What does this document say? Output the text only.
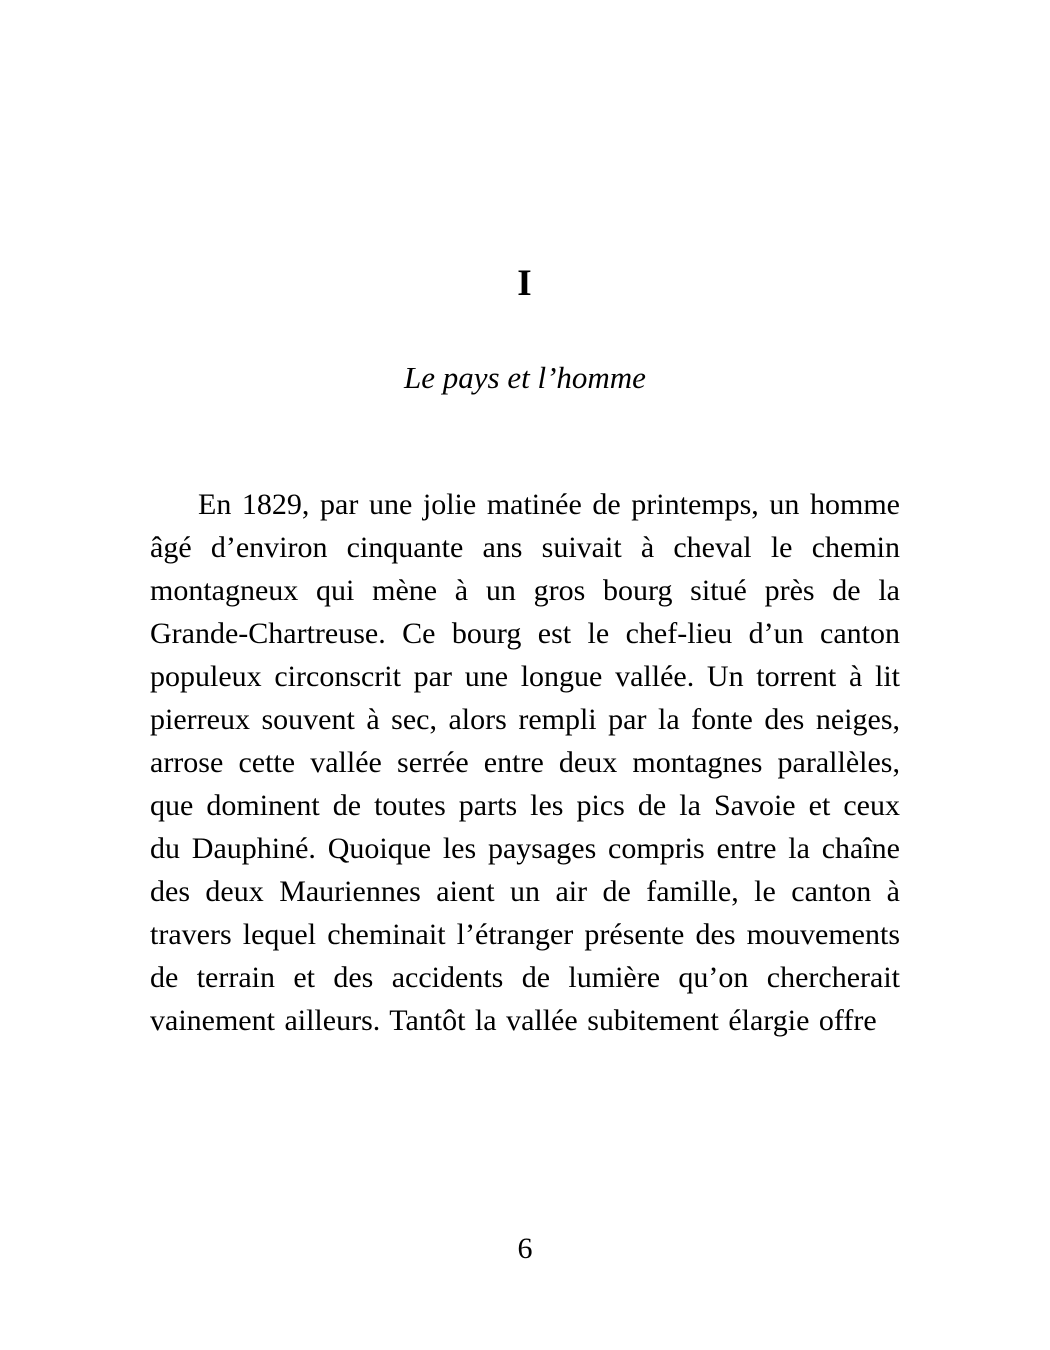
I
Le pays et l’homme

En 1829, par une jolie matinée de printemps, un homme âgé d’environ cinquante ans suivait à cheval le chemin montagneux qui mène à un gros bourg situé près de la Grande-Chartreuse. Ce bourg est le chef-lieu d’un canton populeux circonscrit par une longue vallée. Un torrent à lit pierreux souvent à sec, alors rempli par la fonte des neiges, arrose cette vallée serrée entre deux montagnes parallèles, que dominent de toutes parts les pics de la Savoie et ceux du Dauphiné. Quoique les paysages compris entre la chaîne des deux Mauriennes aient un air de famille, le canton à travers lequel cheminait l’étranger présente des mouvements de terrain et des accidents de lumière qu’on chercherait vainement ailleurs. Tantôt la vallée subitement élargie offre

6
